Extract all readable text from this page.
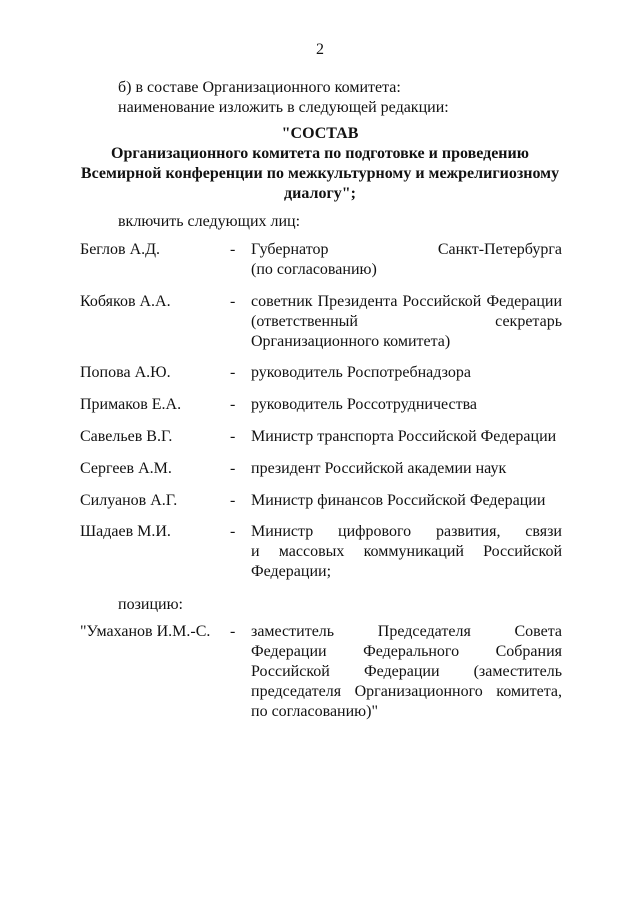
2
б) в составе Организационного комитета:
наименование изложить в следующей редакции:
"СОСТАВ
Организационного комитета по подготовке и проведению
Всемирной конференции по межкультурному и межрелигиозному
диалогу";
включить следующих лиц:
Беглов А.Д.	- Губернатор Санкт-Петербурга
(по согласованию)
Кобяков А.А.	- советник Президента Российской Федерации
(ответственный секретарь
Организационного комитета)
Попова А.Ю.	- руководитель Роспотребнадзора
Примаков Е.А.	- руководитель Россотрудничества
Савельев В.Г.	- Министр транспорта Российской Федерации
Сергеев А.М.	- президент Российской академии наук
Силуанов А.Г.	- Министр финансов Российской Федерации
Шадаев М.И.	- Министр цифрового развития, связи
и массовых коммуникаций Российской
Федерации;
позицию:
"Умаханов И.М.-С. - заместитель Председателя Совета
Федерации Федерального Собрания
Российской Федерации (заместитель
председателя Организационного комитета,
по согласованию)"
